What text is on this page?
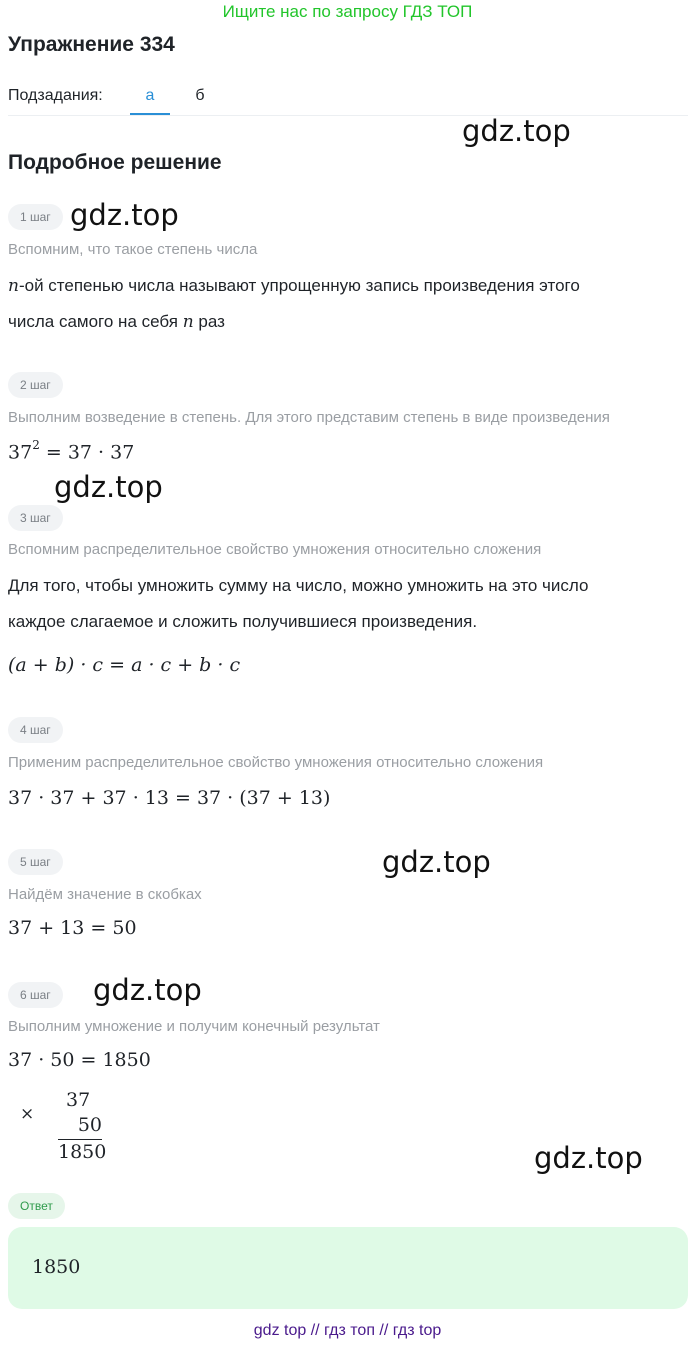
Ищите нас по запросу ГДЗ ТОП
Упражнение 334
Подзадания:	а	б
gdz.top
Подробное решение
1 шаг gdz.top
Вспомним, что такое степень числа
n-ой степенью числа называют упрощенную запись произведения этого
числа самого на себя n раз
2 шаг
Выполним возведение в степень. Для этого представим степень в виде произведения
$37^2 = 37 \cdot 37$
gdz.top
3 шаг
Вспомним распределительное свойство умножения относительно сложения
Для того, чтобы умножить сумму на число, можно умножить на это число
каждое слагаемое и сложить получившиеся произведения.
(a + b) · c = a · c + b · c
4 шаг
Применим распределительное свойство умножения относительно сложения
37 · 37 + 37 · 13 = 37 · (37 + 13)
gdz.top
5 шаг
Найдём значение в скобках
37 + 13 = 50
6 шаг	gdz.top
Выполним умножение и получим конечный результат
37 · 50 = 1850
×
37
50
1850	gdz.top
Ответ
1850
gdz top // гдз топ // гдз top
